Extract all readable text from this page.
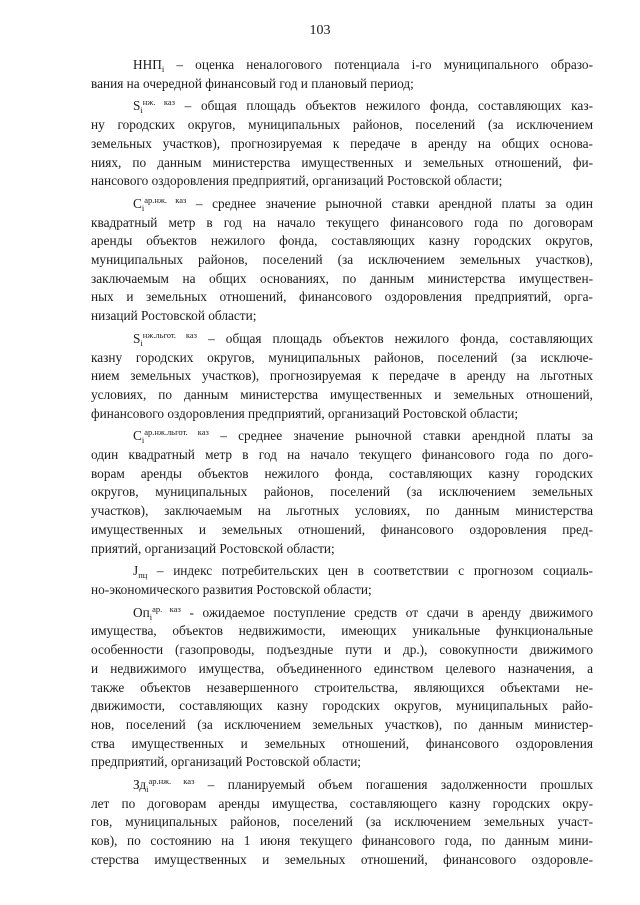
103

$ННП_i$ – оценка неналогового потенциала i-го муниципального образо-
вания на очередной финансовый год и плановый период;

$S_i^{нж. каз}$ – общая площадь объектов нежилого фонда, составляющих каз-
ну городских округов, муниципальных районов, поселений (за исключением
земельных участков), прогнозируемая к передаче в аренду на общих основа-
ниях, по данным министерства имущественных и земельных отношений, фи-
нансового оздоровления предприятий, организаций Ростовской области;

$C_i^{ар.нж. каз}$ – среднее значение рыночной ставки арендной платы за один
квадратный метр в год на начало текущего финансового года по договорам
аренды объектов нежилого фонда, составляющих казну городских округов,
муниципальных районов, поселений (за исключением земельных участков),
заключаемым на общих основаниях, по данным министерства имуществен-
ных и земельных отношений, финансового оздоровления предприятий, орга-
низаций Ростовской области;

$S_i^{нж.льгот. каз}$ – общая площадь объектов нежилого фонда, составляющих
казну городских округов, муниципальных районов, поселений (за исключе-
нием земельных участков), прогнозируемая к передаче в аренду на льготных
условиях, по данным министерства имущественных и земельных отношений,
финансового оздоровления предприятий, организаций Ростовской области;

$C_i^{ар.нж.льгот. каз}$ – среднее значение рыночной ставки арендной платы за
один квадратный метр в год на начало текущего финансового года по дого-
ворам аренды объектов нежилого фонда, составляющих казну городских
округов, муниципальных районов, поселений (за исключением земельных
участков), заключаемым на льготных условиях, по данным министерства
имущественных и земельных отношений, финансового оздоровления пред-
приятий, организаций Ростовской области;

$J_{пц}$ – индекс потребительских цен в соответствии с прогнозом социаль-
но-экономического развития Ростовской области;

$Оп_i^{ар. каз}$ - ожидаемое поступление средств от сдачи в аренду движимого
имущества, объектов недвижимости, имеющих уникальные функциональные
особенности (газопроводы, подъездные пути и др.), совокупности движимого
и недвижимого имущества, объединенного единством целевого назначения, а
также объектов незавершенного строительства, являющихся объектами не-
движимости, составляющих казну городских округов, муниципальных райо-
нов, поселений (за исключением земельных участков), по данным министер-
ства имущественных и земельных отношений, финансового оздоровления
предприятий, организаций Ростовской области;

$Зд_i^{ар.нж. каз}$ – планируемый объем погашения задолженности прошлых
лет по договорам аренды имущества, составляющего казну городских окру-
гов, муниципальных районов, поселений (за исключением земельных участ-
ков), по состоянию на 1 июня текущего финансового года, по данным мини-
стерства имущественных и земельных отношений, финансового оздоровле-
